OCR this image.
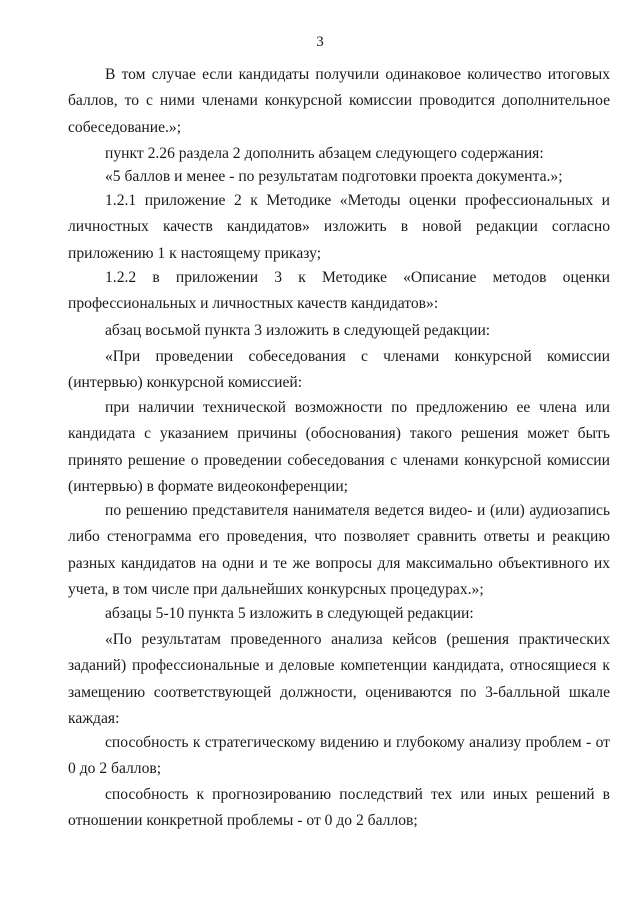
3

В том случае если кандидаты получили одинаковое количество итоговых баллов, то с ними членами конкурсной комиссии проводится дополнительное собеседование.»;

пункт 2.26 раздела 2 дополнить абзацем следующего содержания:

«5 баллов и менее - по результатам подготовки проекта документа.»;

1.2.1 приложение 2 к Методике «Методы оценки профессиональных и личностных качеств кандидатов» изложить в новой редакции согласно приложению 1 к настоящему приказу;

1.2.2 в приложении 3 к Методике «Описание методов оценки профессиональных и личностных качеств кандидатов»:

абзац восьмой пункта 3 изложить в следующей редакции:

«При проведении собеседования с членами конкурсной комиссии (интервью) конкурсной комиссией:

при наличии технической возможности по предложению ее члена или кандидата с указанием причины (обоснования) такого решения может быть принято решение о проведении собеседования с членами конкурсной комиссии (интервью) в формате видеоконференции;

по решению представителя нанимателя ведется видео- и (или) аудиозапись либо стенограмма его проведения, что позволяет сравнить ответы и реакцию разных кандидатов на одни и те же вопросы для максимально объективного их учета, в том числе при дальнейших конкурсных процедурах.»;

абзацы 5-10 пункта 5 изложить в следующей редакции:

«По результатам проведенного анализа кейсов (решения практических заданий) профессиональные и деловые компетенции кандидата, относящиеся к замещению соответствующей должности, оцениваются по 3-балльной шкале каждая:

способность к стратегическому видению и глубокому анализу проблем - от 0 до 2 баллов;

способность к прогнозированию последствий тех или иных решений в отношении конкретной проблемы - от 0 до 2 баллов;
